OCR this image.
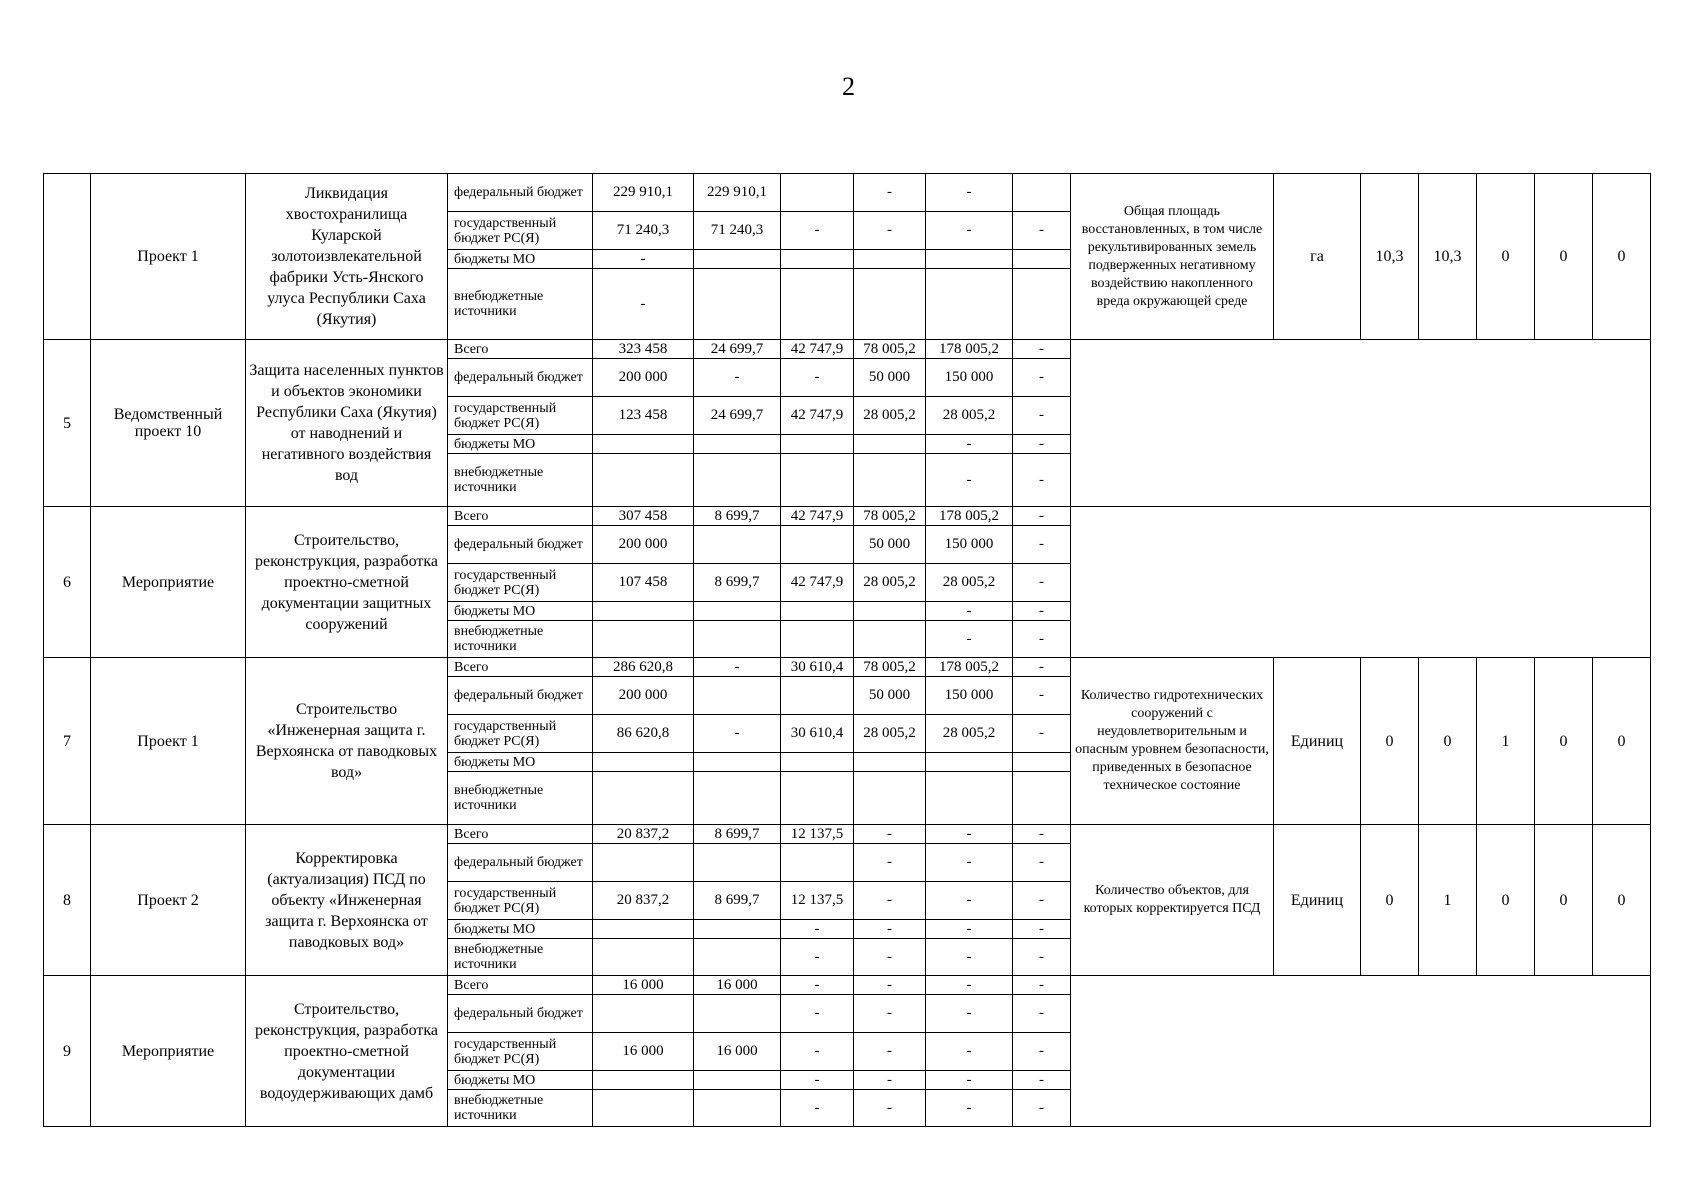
2
	Проект 1	Ликвидация хвостохранилища Куларской золотоизвлекательной фабрики Усть-Янского улуса Республики Саха (Якутия)	федеральный бюджет	229 910,1	229 910,1		-	-		Общая площадь восстановленных, в том числе рекультивированных земель подверженных негативному воздействию накопленного вреда окружающей среде	га	10,3	10,3	0	0	0
			государственный бюджет РС(Я)	71 240,3	71 240,3	-	-	-	-							
			бюджеты МО	-												
			внебюджетные источники	-												
5	Ведомственный проект 10	Защита населенных пунктов и объектов экономики Республики Саха (Якутия) от наводнений и негативного воздействия вод	Всего	323 458	24 699,7	42 747,9	78 005,2	178 005,2	-							
			федеральный бюджет	200 000	-	-	50 000	150 000	-							
			государственный бюджет РС(Я)	123 458	24 699,7	42 747,9	28 005,2	28 005,2	-							
			бюджеты МО					-	-							
			внебюджетные источники					-	-							
6	Мероприятие	Строительство, реконструкция, разработка проектно-сметной документации защитных сооружений	Всего	307 458	8 699,7	42 747,9	78 005,2	178 005,2	-							
			федеральный бюджет	200 000			50 000	150 000	-							
			государственный бюджет РС(Я)	107 458	8 699,7	42 747,9	28 005,2	28 005,2	-							
			бюджеты МО					-	-							
			внебюджетные источники					-	-							
7	Проект 1	Строительство «Инженерная защита г. Верхоянска от паводковых вод»	Всего	286 620,8	-	30 610,4	78 005,2	178 005,2	-	Количество гидротехнических сооружений с неудовлетворительным и опасным уровнем безопасности, приведенных в безопасное техническое состояние	Единиц	0	0	1	0	0
			федеральный бюджет	200 000			50 000	150 000	-							
			государственный бюджет РС(Я)	86 620,8	-	30 610,4	28 005,2	28 005,2	-							
			бюджеты МО													
			внебюджетные источники													
8	Проект 2	Корректировка (актуализация) ПСД по объекту «Инженерная защита г. Верхоянска от паводковых вод»	Всего	20 837,2	8 699,7	12 137,5	-	-	-	Количество объектов, для которых корректируется ПСД	Единиц	0	1	0	0	0
			федеральный бюджет				-	-	-							
			государственный бюджет РС(Я)	20 837,2	8 699,7	12 137,5	-	-	-							
			бюджеты МО			-	-	-	-							
			внебюджетные источники			-	-	-	-							
9	Мероприятие	Строительство, реконструкция, разработка проектно-сметной документации водоудерживающих дамб	Всего	16 000	16 000	-	-	-	-							
			федеральный бюджет			-	-	-	-							
			государственный бюджет РС(Я)	16 000	16 000	-	-	-	-							
			бюджеты МО			-	-	-	-							
			внебюджетные источники			-	-	-	-							
